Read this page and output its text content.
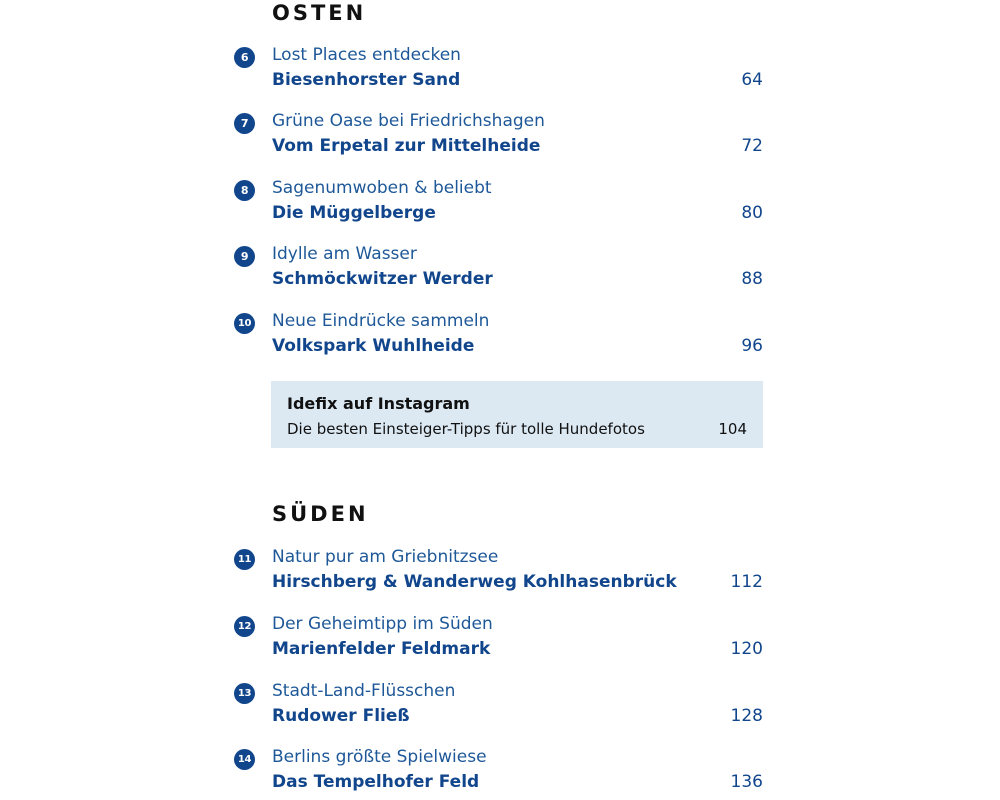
OSTEN
6	Lost Places entdecken
Biesenhorster Sand	64
7	Grüne Oase bei Friedrichshagen
Vom Erpetal zur Mittelheide	72
8	Sagenumwoben & beliebt
Die Müggelberge	80
9	Idylle am Wasser
Schmöckwitzer Werder	88
10 Neue Eindrücke sammeln
Volkspark Wuhlheide	96
Idefix auf Instagram
Die besten Einsteiger-Tipps für tolle Hundefotos	104
SÜDEN
11 Natur pur am Griebnitzsee
Hirschberg & Wanderweg Kohlhasenbrück	112
12 Der Geheimtipp im Süden
Marienfelder Feldmark	120
13 Stadt-Land-Flüsschen
Rudower Fließ	128
14 Berlins größte Spielwiese
Das Tempelhofer Feld	136
